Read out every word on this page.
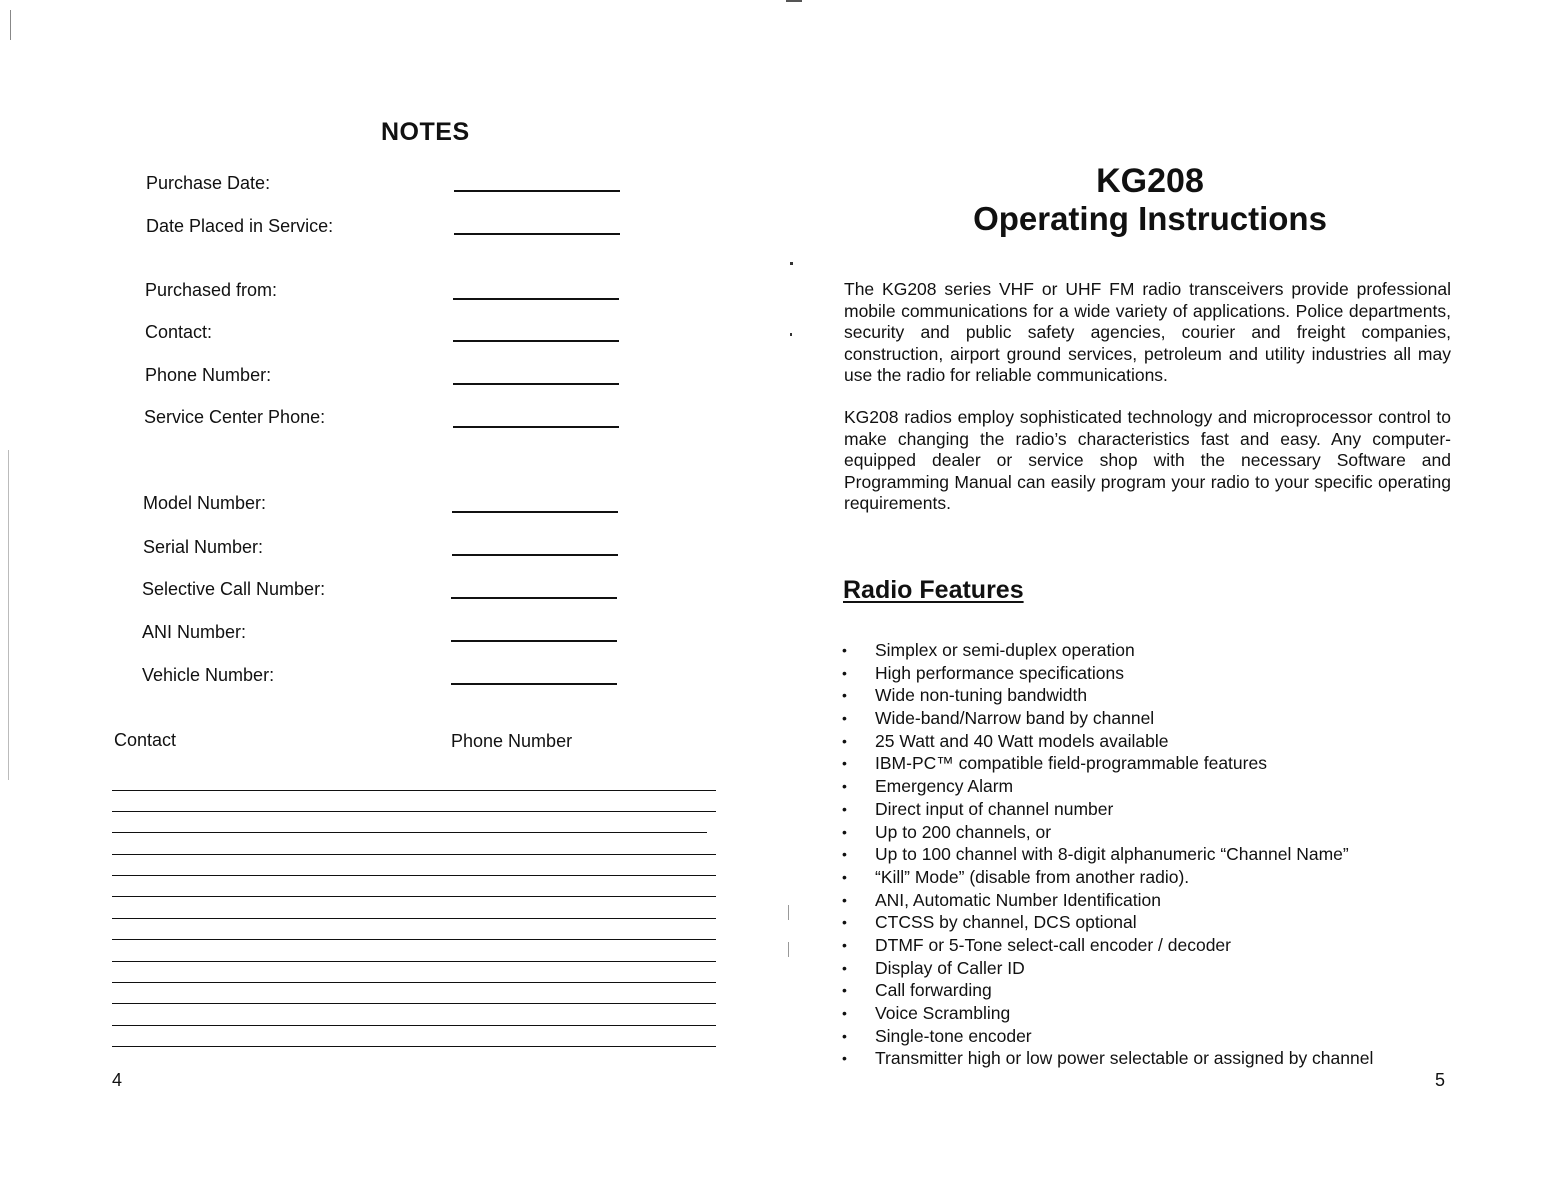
NOTES
Purchase Date:
Date Placed in Service:
Purchased from:
Contact:
Phone Number:
Service Center Phone:
Model Number:
Serial Number:
Selective Call Number:
ANI Number:
Vehicle Number:
Contact	Phone Number
4
KG208
Operating Instructions

The KG208 series VHF or UHF FM radio transceivers provide professional mobile communications for a wide variety of applications. Police departments, security and public safety agencies, courier and freight companies, construction, airport ground services, petroleum and utility industries all may use the radio for reliable communications.

KG208 radios employ sophisticated technology and microprocessor control to make changing the radio’s characteristics fast and easy. Any computer-equipped dealer or service shop with the necessary Software and Programming Manual can easily program your radio to your specific operating requirements.

Radio Features
• Simplex or semi-duplex operation
• High performance specifications
• Wide non-tuning bandwidth
• Wide-band/Narrow band by channel
• 25 Watt and 40 Watt models available
• IBM-PC™ compatible field-programmable features
• Emergency Alarm
• Direct input of channel number
• Up to 200 channels, or
• Up to 100 channel with 8-digit alphanumeric “Channel Name”
• “Kill” Mode” (disable from another radio).
• ANI, Automatic Number Identification
• CTCSS by channel, DCS optional
• DTMF or 5-Tone select-call encoder / decoder
• Display of Caller ID
• Call forwarding
• Voice Scrambling
• Single-tone encoder
• Transmitter high or low power selectable or assigned by channel
5
